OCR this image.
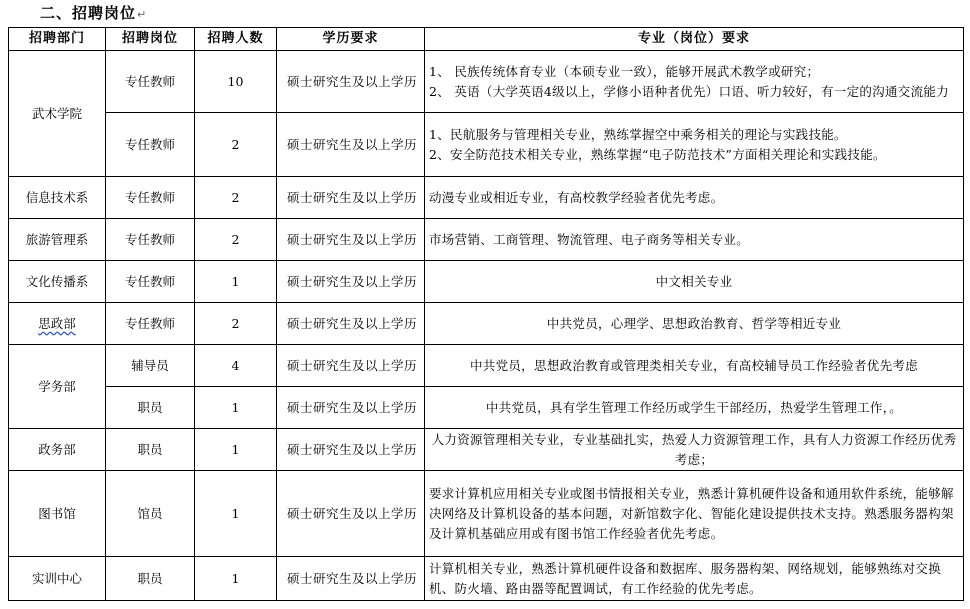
二、招聘岗位↵
招聘部门	招聘岗位	招聘人数	学历要求	专业（岗位）要求
武术学院	专任教师	10	硕士研究生及以上学历	1、 民族传统体育专业（本硕专业一致），能够开展武术教学或研究；
2、 英语（大学英语4级以上，学修小语种者优先）口语、听力较好，有一定的沟通交流能力

	专任教师	2	硕士研究生及以上学历	1、民航服务与管理相关专业，熟练掌握空中乘务相关的理论与实践技能。
2、安全防范技术相关专业，熟练掌握“电子防范技术”方面相关理论和实践技能。

信息技术系	专任教师	2	硕士研究生及以上学历	动漫专业或相近专业，有高校教学经验者优先考虑。
旅游管理系	专任教师	2	硕士研究生及以上学历	市场营销、工商管理、物流管理、电子商务等相关专业。
文化传播系	专任教师	1	硕士研究生及以上学历	中文相关专业
思政部	专任教师	2	硕士研究生及以上学历	中共党员，心理学、思想政治教育、哲学等相近专业
学务部	辅导员	4	硕士研究生及以上学历	中共党员，思想政治教育或管理类相关专业，有高校辅导员工作经验者优先考虑
	职员	1	硕士研究生及以上学历	中共党员，具有学生管理工作经历或学生干部经历，热爱学生管理工作，。
政务部	职员	1	硕士研究生及以上学历	人力资源管理相关专业，专业基础扎实，热爱人力资源管理工作，具有人力资源工作经历优秀考虑；
图书馆	馆员	1	硕士研究生及以上学历	要求计算机应用相关专业或图书情报相关专业，熟悉计算机硬件设备和通用软件系统，能够解决网络及计算机设备的基本问题，对新馆数字化、智能化建设提供技术支持。熟悉服务器构架及计算机基础应用或有图书馆工作经验者优先考虑。
实训中心	职员	1	硕士研究生及以上学历	计算机相关专业，熟悉计算机硬件设备和数据库、服务器构架、网络规划，能够熟练对交换机、防火墙、路由器等配置调试，有工作经验的优先考虑。
